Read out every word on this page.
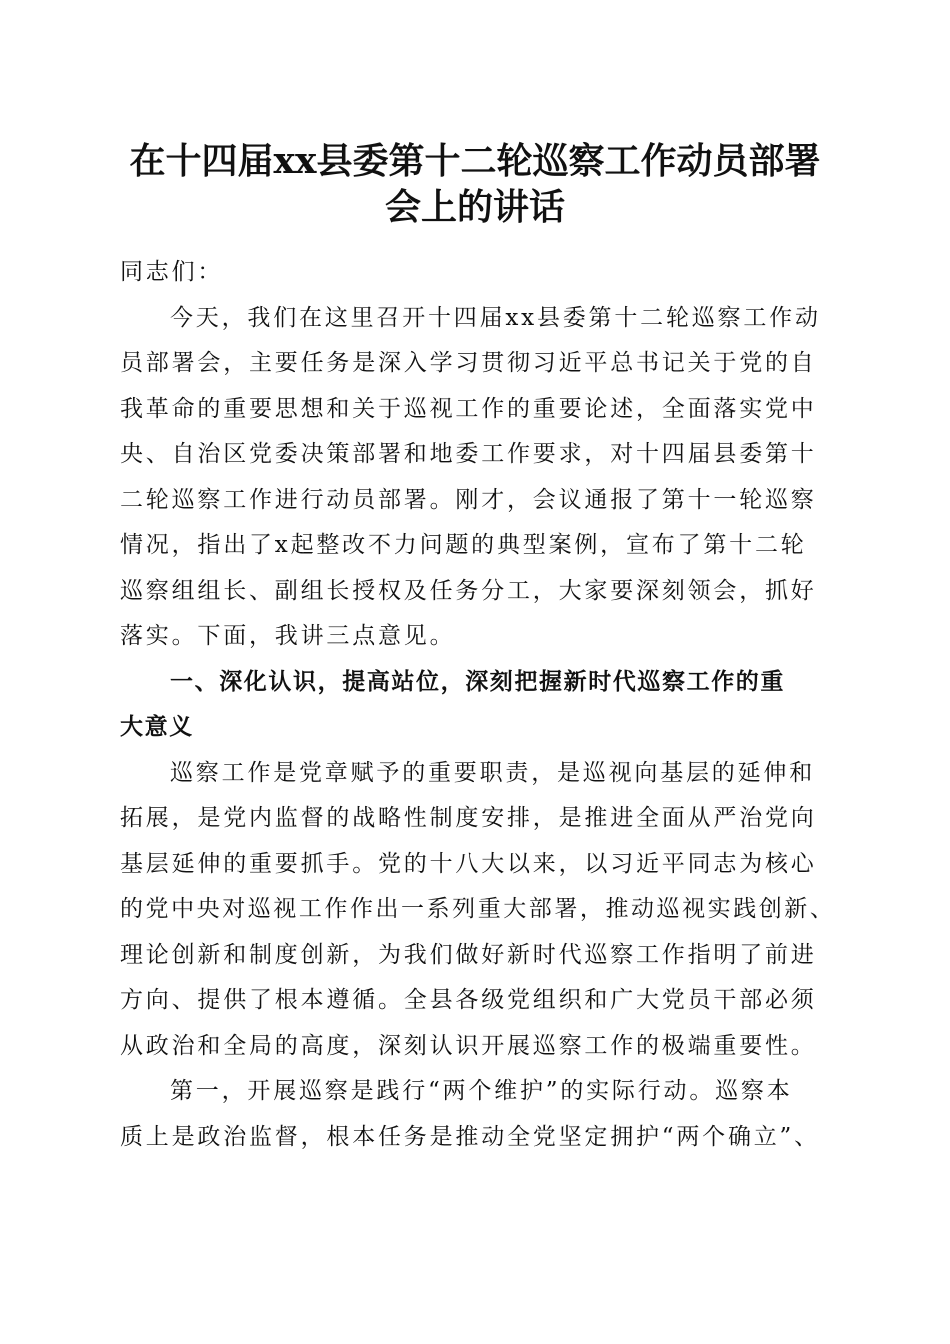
在十四届xx县委第十二轮巡察工作动员部署
会上的讲话
同志们：
今天，我们在这里召开十四届xx县委第十二轮巡察工作动
员部署会，主要任务是深入学习贯彻习近平总书记关于党的自
我革命的重要思想和关于巡视工作的重要论述，全面落实党中
央、自治区党委决策部署和地委工作要求，对十四届县委第十
二轮巡察工作进行动员部署。刚才，会议通报了第十一轮巡察
情况，指出了x起整改不力问题的典型案例，宣布了第十二轮
巡察组组长、副组长授权及任务分工，大家要深刻领会，抓好
落实。下面，我讲三点意见。
一、深化认识，提高站位，深刻把握新时代巡察工作的重
大意义
巡察工作是党章赋予的重要职责，是巡视向基层的延伸和
拓展，是党内监督的战略性制度安排，是推进全面从严治党向
基层延伸的重要抓手。党的十八大以来，以习近平同志为核心
的党中央对巡视工作作出一系列重大部署，推动巡视实践创新、
理论创新和制度创新，为我们做好新时代巡察工作指明了前进
方向、提供了根本遵循。全县各级党组织和广大党员干部必须
从政治和全局的高度，深刻认识开展巡察工作的极端重要性。
第一，开展巡察是践行“两个维护”的实际行动。巡察本
质上是政治监督，根本任务是推动全党坚定拥护“两个确立”、
